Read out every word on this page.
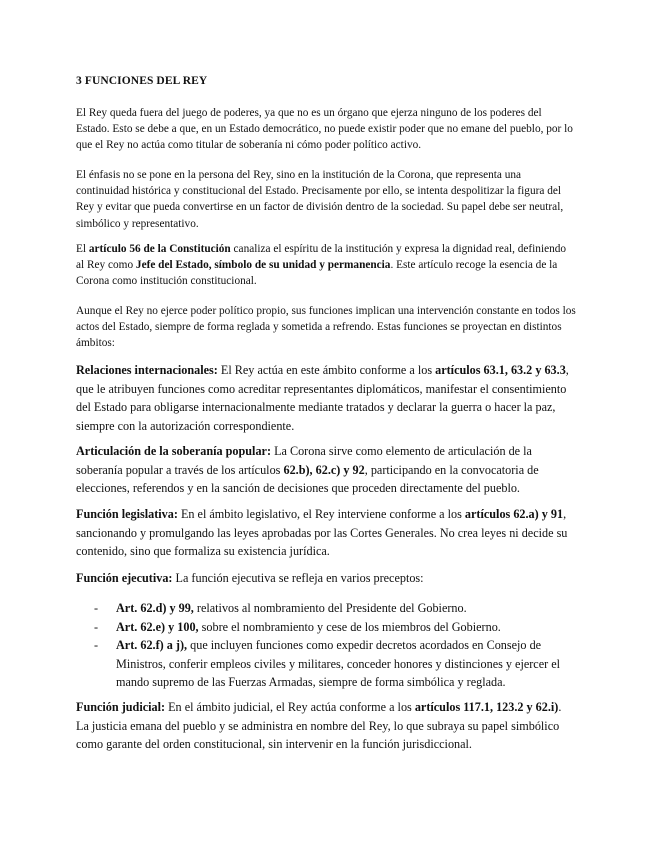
3 FUNCIONES DEL REY

El Rey queda fuera del juego de poderes, ya que no es un órgano que ejerza ninguno de los poderes del Estado. Esto se debe a que, en un Estado democrático, no puede existir poder que no emane del pueblo, por lo que el Rey no actúa como titular de soberanía ni cómo poder político activo.

El énfasis no se pone en la persona del Rey, sino en la institución de la Corona, que representa una continuidad histórica y constitucional del Estado. Precisamente por ello, se intenta despolitizar la figura del Rey y evitar que pueda convertirse en un factor de división dentro de la sociedad. Su papel debe ser neutral, simbólico y representativo.

El artículo 56 de la Constitución canaliza el espíritu de la institución y expresa la dignidad real, definiendo al Rey como Jefe del Estado, símbolo de su unidad y permanencia. Este artículo recoge la esencia de la Corona como institución constitucional.

Aunque el Rey no ejerce poder político propio, sus funciones implican una intervención constante en todos los actos del Estado, siempre de forma reglada y sometida a refrendo. Estas funciones se proyectan en distintos ámbitos:

Relaciones internacionales: El Rey actúa en este ámbito conforme a los artículos 63.1, 63.2 y 63.3, que le atribuyen funciones como acreditar representantes diplomáticos, manifestar el consentimiento del Estado para obligarse internacionalmente mediante tratados y declarar la guerra o hacer la paz, siempre con la autorización correspondiente.

Articulación de la soberanía popular: La Corona sirve como elemento de articulación de la soberanía popular a través de los artículos 62.b), 62.c) y 92, participando en la convocatoria de elecciones, referendos y en la sanción de decisiones que proceden directamente del pueblo.

Función legislativa: En el ámbito legislativo, el Rey interviene conforme a los artículos 62.a) y 91, sancionando y promulgando las leyes aprobadas por las Cortes Generales. No crea leyes ni decide su contenido, sino que formaliza su existencia jurídica.

Función ejecutiva: La función ejecutiva se refleja en varios preceptos:

- Art. 62.d) y 99, relativos al nombramiento del Presidente del Gobierno.
- Art. 62.e) y 100, sobre el nombramiento y cese de los miembros del Gobierno.
- Art. 62.f) a j), que incluyen funciones como expedir decretos acordados en Consejo de Ministros, conferir empleos civiles y militares, conceder honores y distinciones y ejercer el mando supremo de las Fuerzas Armadas, siempre de forma simbólica y reglada.

Función judicial: En el ámbito judicial, el Rey actúa conforme a los artículos 117.1, 123.2 y 62.i). La justicia emana del pueblo y se administra en nombre del Rey, lo que subraya su papel simbólico como garante del orden constitucional, sin intervenir en la función jurisdiccional.
